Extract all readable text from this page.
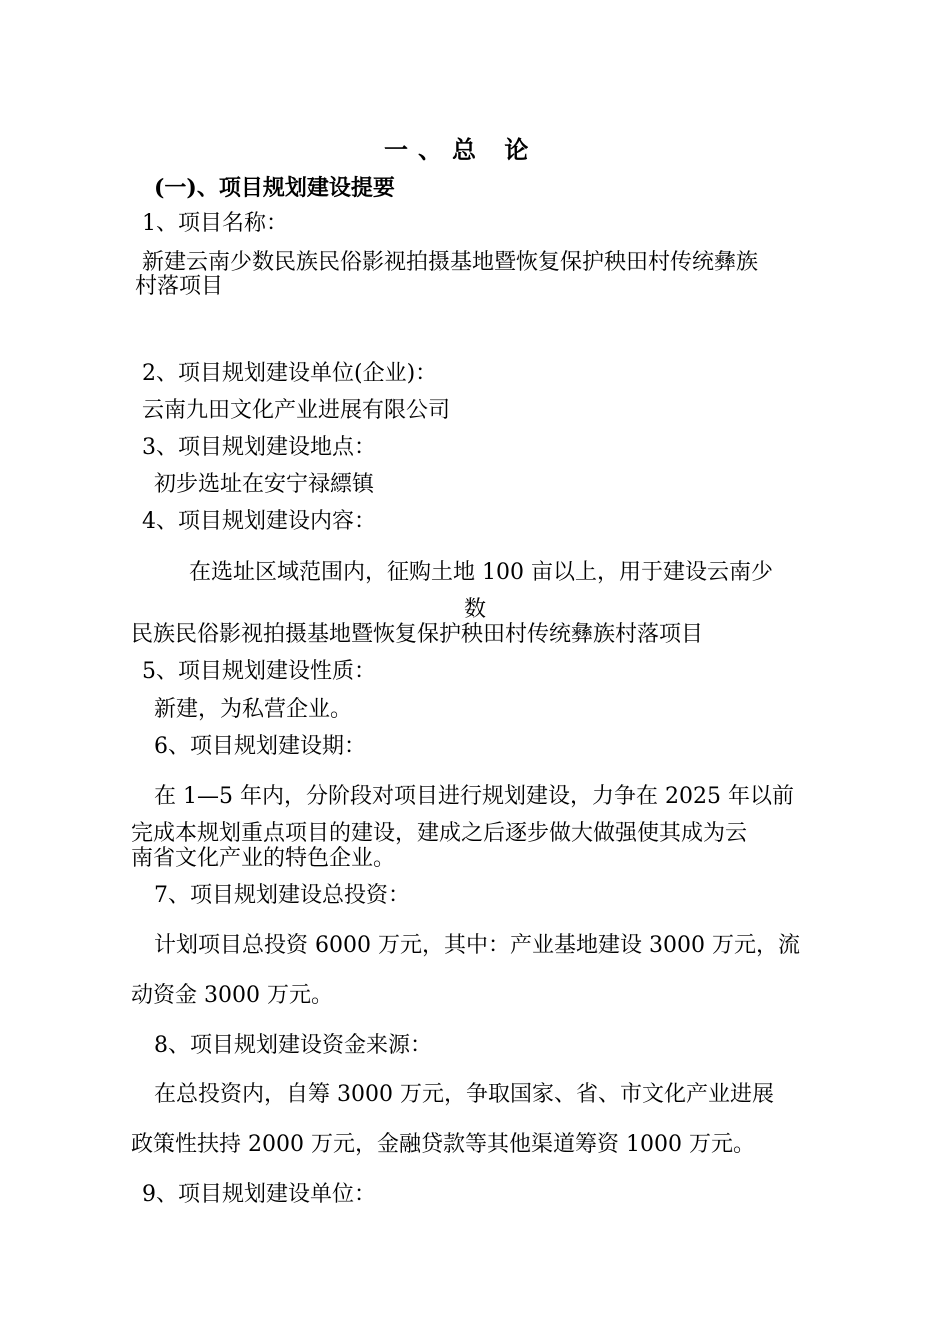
一、总 论
(一)、项目规划建设提要
1、项目名称：
新建云南少数民族民俗影视拍摄基地暨恢复保护秧田村传统彝族
村落项目
2、项目规划建设单位(企业)：
云南九田文化产业进展有限公司
3、项目规划建设地点：
初步选址在安宁禄縹镇
4、项目规划建设内容：
在选址区域范围内，征购土地 100 亩以上，用于建设云南少
数
民族民俗影视拍摄基地暨恢复保护秧田村传统彝族村落项目
5、项目规划建设性质：
新建，为私营企业。
6、项目规划建设期：
在 1—5 年内，分阶段对项目进行规划建设，力争在 2025 年以前
完成本规划重点项目的建设，建成之后逐步做大做强使其成为云
南省文化产业的特色企业。
7、项目规划建设总投资：
计划项目总投资 6000 万元，其中：产业基地建设 3000 万元，流
动资金 3000 万元。
8、项目规划建设资金来源：
在总投资内，自筹 3000 万元，争取国家、省、市文化产业进展
政策性扶持 2000 万元，金融贷款等其他渠道筹资 1000 万元。
9、项目规划建设单位：
